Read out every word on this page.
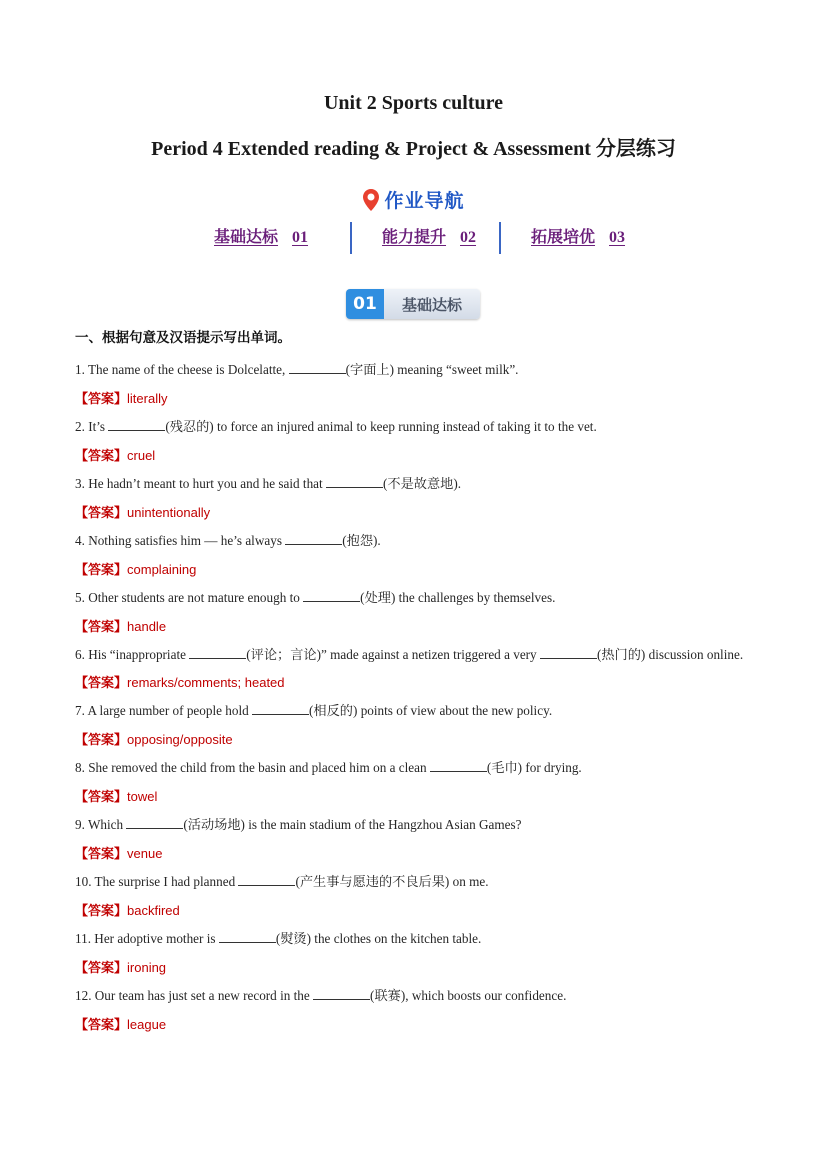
Unit 2 Sports culture
Period 4 Extended reading & Project & Assessment 分层练习
作业导航
基础达标 01	能力提升 02	拓展培优 03
01	基础达标
一、根据句意及汉语提示写出单词。
1. The name of the cheese is Dolcelatte,	(字面上) meaning “sweet milk”.
【答案】literally
2. It’s	(残忍的) to force an injured animal to keep running instead of taking it to the vet.
【答案】cruel
3. He hadn’t meant to hurt you and he said that	(不是故意地).
【答案】unintentionally
4. Nothing satisfies him — he’s always	(抱怨).
【答案】complaining
5. Other students are not mature enough to	(处理) the challenges by themselves.
【答案】handle
6. His “inappropriate	(评论；言论)” made against a netizen triggered a very	(热门的) discussion online.
【答案】remarks/comments; heated
7. A large number of people hold	(相反的) points of view about the new policy.
【答案】opposing/opposite
8. She removed the child from the basin and placed him on a clean	(毛巾) for drying.
【答案】towel
9. Which	(活动场地) is the main stadium of the Hangzhou Asian Games?
【答案】venue
10. The surprise I had planned	(产生事与愿违的不良后果) on me.
【答案】backfired
11. Her adoptive mother is	(熨烫) the clothes on the kitchen table.
【答案】ironing
12. Our team has just set a new record in the	(联赛), which boosts our confidence.
【答案】league
